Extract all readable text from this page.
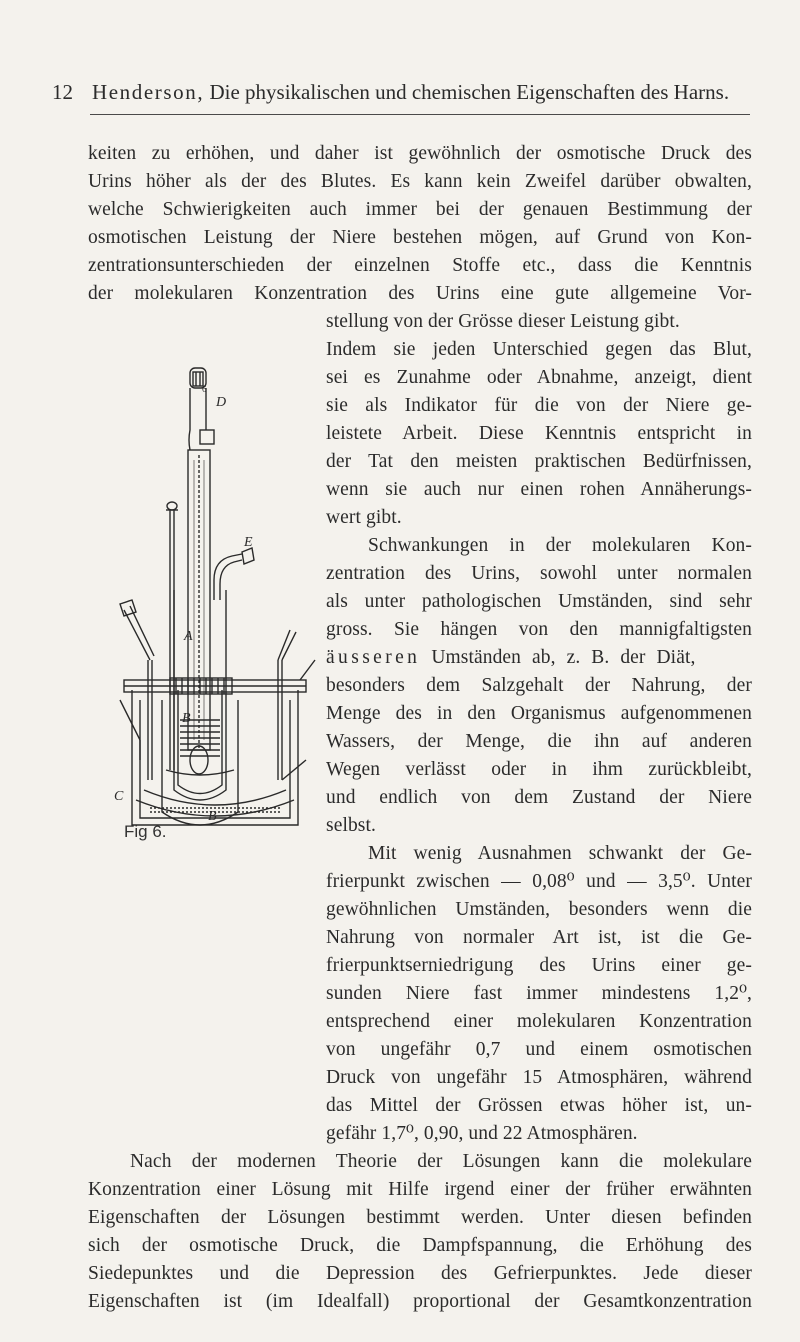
12 Henderson, Die physikalischen und chemischen Eigenschaften des Harns.
keiten zu erhöhen, und daher ist gewöhnlich der osmotische Druck des
Urins höher als der des Blutes. Es kann kein Zweifel darüber obwalten,
welche Schwierigkeiten auch immer bei der genauen Bestimmung der
osmotischen Leistung der Niere bestehen mögen, auf Grund von Kon-
zentrationsunterschieden der einzelnen Stoffe etc., dass die Kenntnis
der molekularen Konzentration des Urins eine gute allgemeine Vor-
stellung von der Grösse dieser Leistung gibt.
Indem sie jeden Unterschied gegen das Blut,
sei es Zunahme oder Abnahme, anzeigt, dient
sie als Indikator für die von der Niere ge-
leistete Arbeit. Diese Kenntnis entspricht in
der Tat den meisten praktischen Bedürfnissen,
wenn sie auch nur einen rohen Annäherungs-
wert gibt.
Schwankungen in der molekularen Kon-
zentration des Urins, sowohl unter normalen
als unter pathologischen Umständen, sind sehr
gross. Sie hängen von den mannigfaltigsten
äusseren Umständen ab, z. B. der Diät,
besonders dem Salzgehalt der Nahrung, der
Menge des in den Organismus aufgenommenen
Wassers, der Menge, die ihn auf anderen
Wegen verlässt oder in ihm zurückbleibt,
und endlich von dem Zustand der Niere
selbst.
Mit wenig Ausnahmen schwankt der Ge-
frierpunkt zwischen — 0,08⁰ und — 3,5⁰. Unter
gewöhnlichen Umständen, besonders wenn die
Nahrung von normaler Art ist, ist die Ge-
frierpunktserniedrigung des Urins einer ge-
sunden Niere fast immer mindestens 1,2⁰,
entsprechend einer molekularen Konzentration
von ungefähr 0,7 und einem osmotischen
Druck von ungefähr 15 Atmosphären, während
das Mittel der Grössen etwas höher ist, un-
gefähr 1,7⁰, 0,90, und 22 Atmosphären.
Nach der modernen Theorie der Lösungen kann die molekulare
Konzentration einer Lösung mit Hilfe irgend einer der früher erwähnten
Eigenschaften der Lösungen bestimmt werden. Unter diesen befinden
sich der osmotische Druck, die Dampfspannung, die Erhöhung des
Siedepunktes und die Depression des Gefrierpunktes. Jede dieser
Eigenschaften ist (im Idealfall) proportional der Gesamtkonzentration
A
B
B
C
D
E
6
Fig 6.
